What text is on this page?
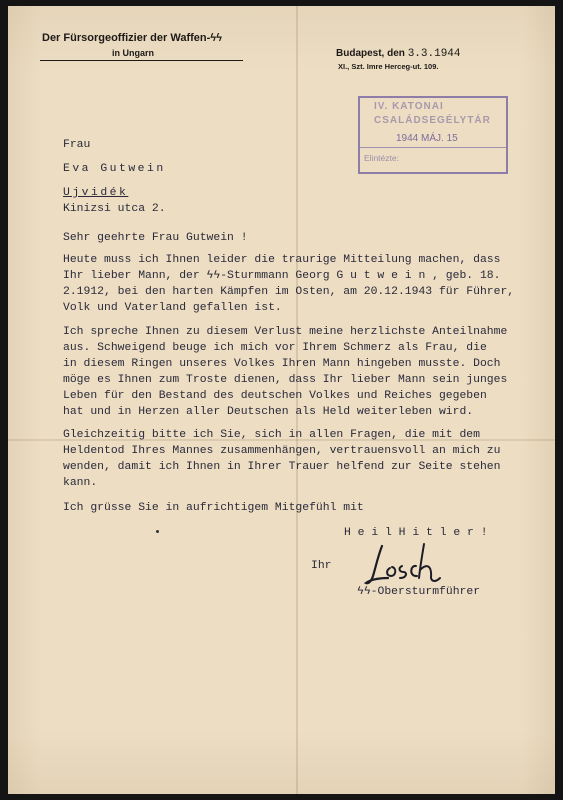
Der Fürsorgeoffizier der Waffen-ϟϟ
in Ungarn	Budapest, den 3.3.1944
XI., Szt. Imre Herceg-ut. 109.
IV. KATONAI
CSALÁDSEGÉLYTÁR
1944 MÁJ. 15
Elintézte:
Frau
Eva Gutwein
Ujvidék
Kinizsi utca 2.
Sehr geehrte Frau Gutwein !
Heute muss ich Ihnen leider die traurige Mitteilung machen, dass
Ihr lieber Mann, der ϟϟ-Sturmmann Georg G u t w e i n , geb. 18.
2.1912, bei den harten Kämpfen im Osten, am 20.12.1943 für Führer,
Volk und Vaterland gefallen ist.
Ich spreche Ihnen zu diesem Verlust meine herzlichste Anteilnahme
aus. Schweigend beuge ich mich vor Ihrem Schmerz als Frau, die
in diesem Ringen unseres Volkes Ihren Mann hingeben musste. Doch
möge es Ihnen zum Troste dienen, dass Ihr lieber Mann sein junges
Leben für den Bestand des deutschen Volkes und Reiches gegeben
hat und in Herzen aller Deutschen als Held weiterleben wird.
Gleichzeitig bitte ich Sie, sich in allen Fragen, die mit dem
Heldentod Ihres Mannes zusammenhängen, vertrauensvoll an mich zu
wenden, damit ich Ihnen in Ihrer Trauer helfend zur Seite stehen
kann.
Ich grüsse Sie in aufrichtigem Mitgefühl mit
H e i l H i t l e r !
Ihr
ϟϟ-Obersturmführer
